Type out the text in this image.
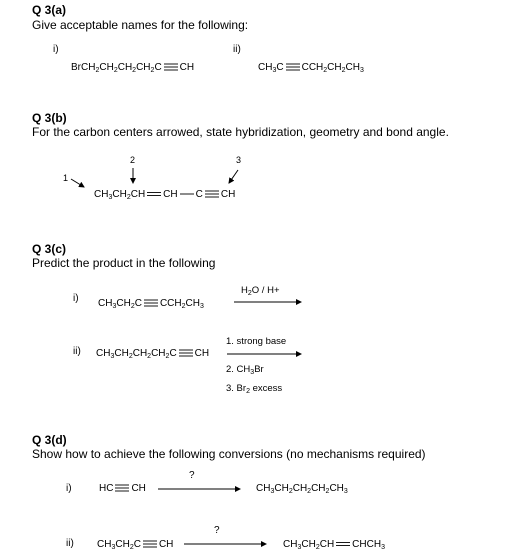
Q 3(a)
Give acceptable names for the following:
i)
$BrCH_2CH_2CH_2CH_2C$ CH
ii)
$CH_3C$ $CCH_2CH_2CH_3$
Q 3(b)
For the carbon centers arrowed, state hybridization, geometry and bond angle.
2	3
1
$CH_3CH_2CH$ CH C CH
Q 3(c)
Predict the product in the following
i) $CH_3CH_2C$ $CCH_2CH_3$
$H_2O / H+$
ii) $CH_3CH_2CH_2CH_2C$ CH
1. strong base
2. $CH_3Br$
3. $Br_2$ excess
Q 3(d)
Show how to achieve the following conversions (no mechanisms required)
i)	HC CH
?
$CH_3CH_2CH_2CH_2CH_3$
ii) $CH_3CH_2C$ CH
?
$CH_3CH_2CH$ $CHCH_3$
